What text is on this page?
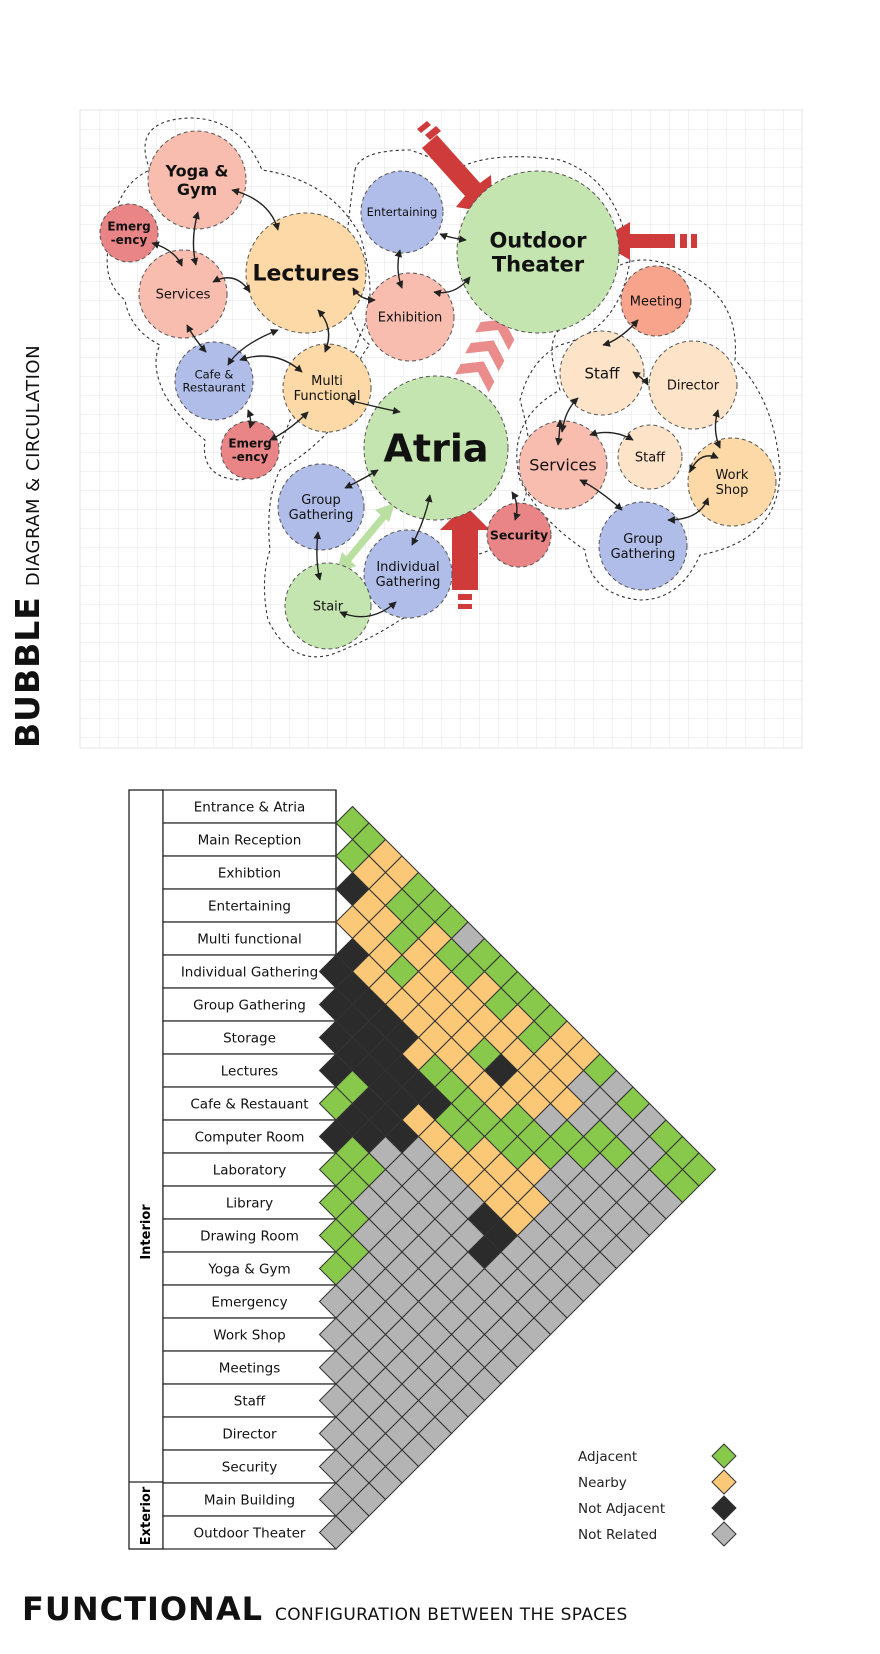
Yoga & Gym
Emerg -ency
Services
Lectures
Cafe & Restaurant	Multi Functional
Emerg -ency
Entertaining
Exhibition
Outdoor Theater
Atria
Group Gathering
Individual Gathering
Stair
Security
Services
Meeting
Staff
Director
Staff
Work Shop
Group Gathering
BUBBLE
DIAGRAM & CIRCULATION
Interior
Exterior
Entrance & Atria
Main Reception
Exhibtion
Entertaining
Multi functional
Individual Gathering
Group Gathering
Storage
Lectures
Cafe & Restauant
Computer Room
Laboratory
Library
Drawing Room
Yoga & Gym
Emergency
Work Shop
Meetings
Staff
Director
Security
Main Building
Outdoor Theater
Adjacent
Nearby
Not Adjacent
Not Related
FUNCTIONAL CONFIGURATION BETWEEN THE SPACES
